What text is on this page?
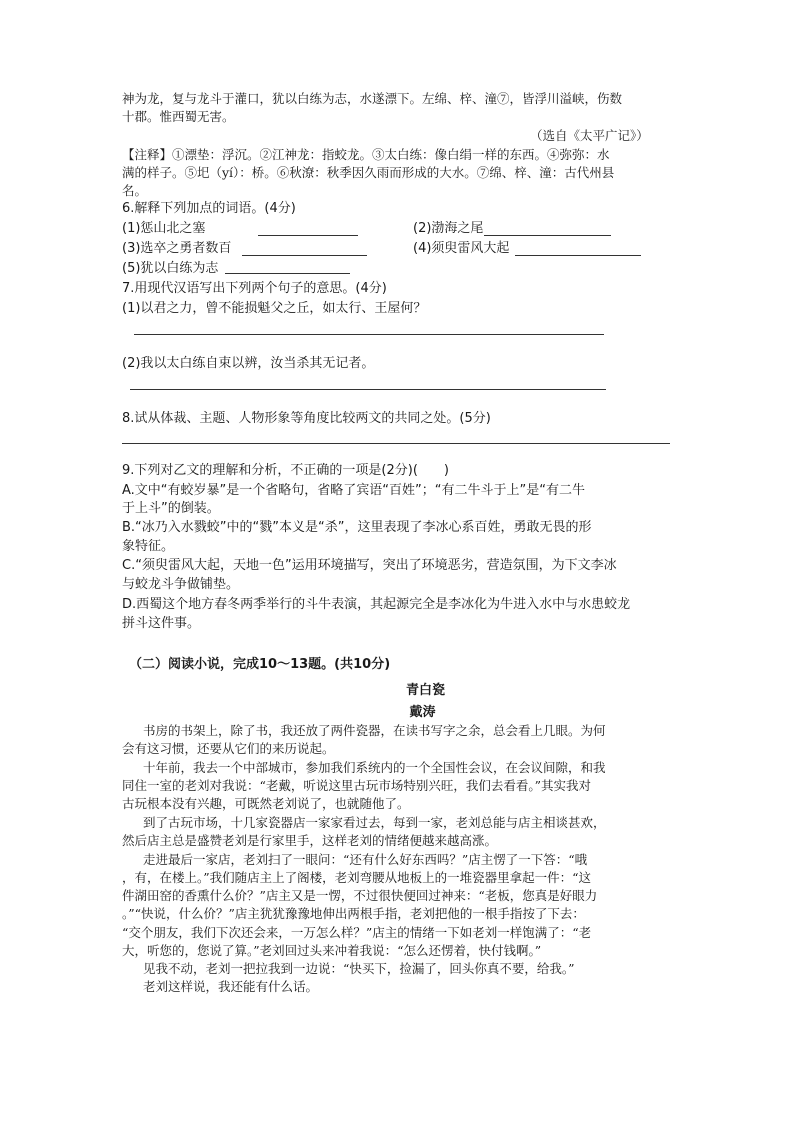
神为龙，复与龙斗于灌口，犹以白练为志，水遂漂下。左绵、梓、潼⑦，皆浮川溢峡，伤数
十郡。惟西蜀无害。
（选自《太平广记》）
【注释】①漂垫：浮沉。②江神龙：指蛟龙。③太白练：像白绢一样的东西。④弥弥：水
满的样子。⑤圯（yí）：桥。⑥秋潦：秋季因久雨而形成的大水。⑦绵、梓、潼：古代州县
名。
6.解释下列加点的词语。(4分)
(1)惩山北之塞	(2)渤海之尾
(3)选卒之勇者数百	(4)须臾雷风大起
(5)犹以白练为志
7.用现代汉语写出下列两个句子的意思。(4分)
(1)以君之力，曾不能损魁父之丘，如太行、王屋何？
(2)我以太白练自束以辨，汝当杀其无记者。
8.试从体裁、主题、人物形象等角度比较两文的共同之处。(5分)
9.下列对乙文的理解和分析，不正确的一项是(2分)(　　)
A.文中“有蛟岁暴”是一个省略句，省略了宾语“百姓”；“有二牛斗于上”是“有二牛
于上斗”的倒装。
B.“冰乃入水戮蛟”中的“戮”本义是“杀”，这里表现了李冰心系百姓，勇敢无畏的形
象特征。
C.“须臾雷风大起，天地一色”运用环境描写，突出了环境恶劣，营造氛围，为下文李冰
与蛟龙斗争做铺垫。
D.西蜀这个地方春冬两季举行的斗牛表演，其起源完全是李冰化为牛进入水中与水患蛟龙
拼斗这件事。
（二）阅读小说，完成10～13题。(共10分)
青白瓷
戴涛
书房的书架上，除了书，我还放了两件瓷器，在读书写字之余，总会看上几眼。为何
会有这习惯，还要从它们的来历说起。
十年前，我去一个中部城市，参加我们系统内的一个全国性会议，在会议间隙，和我
同住一室的老刘对我说：“老戴，听说这里古玩市场特别兴旺，我们去看看。”其实我对
古玩根本没有兴趣，可既然老刘说了，也就随他了。
到了古玩市场，十几家瓷器店一家家看过去，每到一家，老刘总能与店主相谈甚欢，
然后店主总是盛赞老刘是行家里手，这样老刘的情绪便越来越高涨。
走进最后一家店，老刘扫了一眼问：“还有什么好东西吗？”店主愣了一下答：“哦
，有，在楼上。”我们随店主上了阁楼，老刘弯腰从地板上的一堆瓷器里拿起一件：“这
件湖田窑的香熏什么价？”店主又是一愣，不过很快便回过神来：“老板，您真是好眼力
。”“快说，什么价？”店主犹犹豫豫地伸出两根手指，老刘把他的一根手指按了下去：
“交个朋友，我们下次还会来，一万怎么样？”店主的情绪一下如老刘一样饱满了：“老
大，听您的，您说了算。”老刘回过头来冲着我说：“怎么还愣着，快付钱啊。”
见我不动，老刘一把拉我到一边说：“快买下，捡漏了，回头你真不要，给我。”
老刘这样说，我还能有什么话。
